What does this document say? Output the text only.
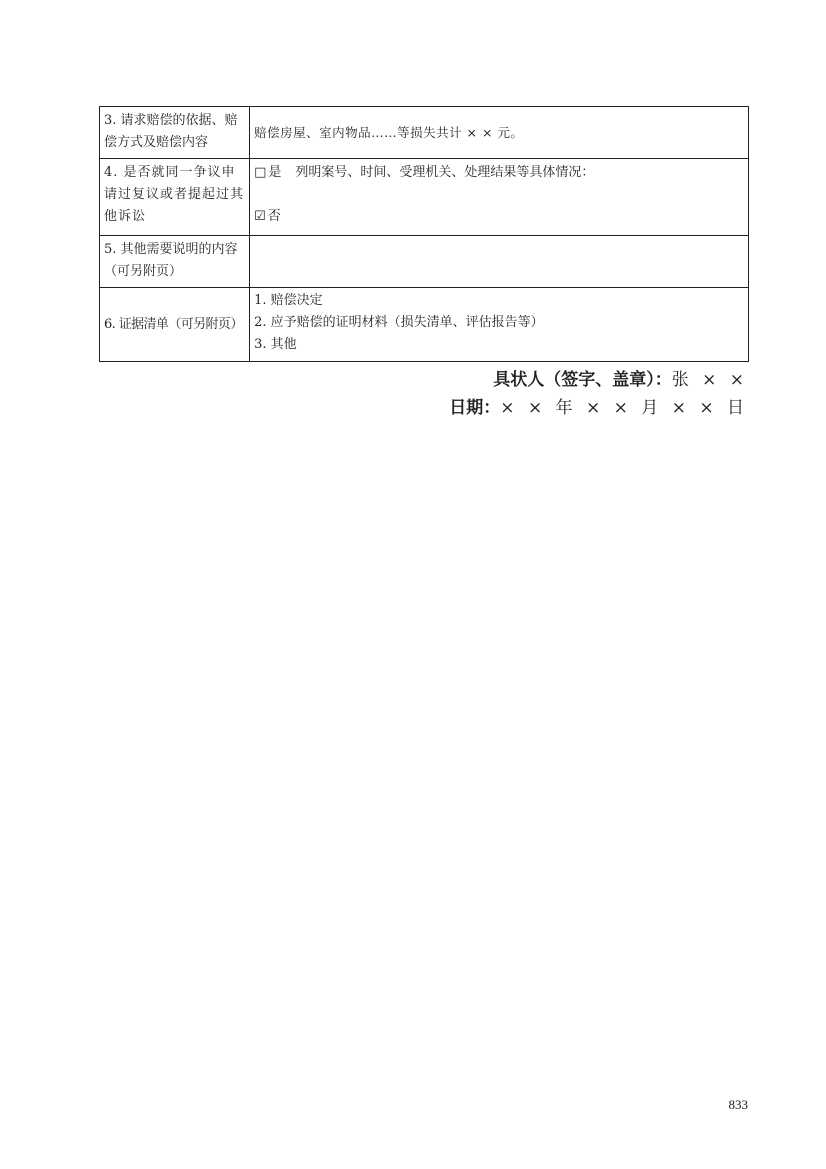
3. 请求赔偿的依据、赔偿方式及赔偿内容	赔偿房屋、室内物品……等损失共计 × × 元。
4. 是否就同一争议申请过复议或者提起过其他诉讼	□ 是 列明案号、时间、受理机关、处理结果等具体情况：
☑ 否

5. 其他需要说明的内容（可另附页）	
6. 证据清单（可另附页）	1. 赔偿决定
2. 应予赔偿的证明材料（损失清单、评估报告等）
3. 其他
具状人（签字、盖章）：张 × ×
日期：× × 年 × × 月 × × 日
833
